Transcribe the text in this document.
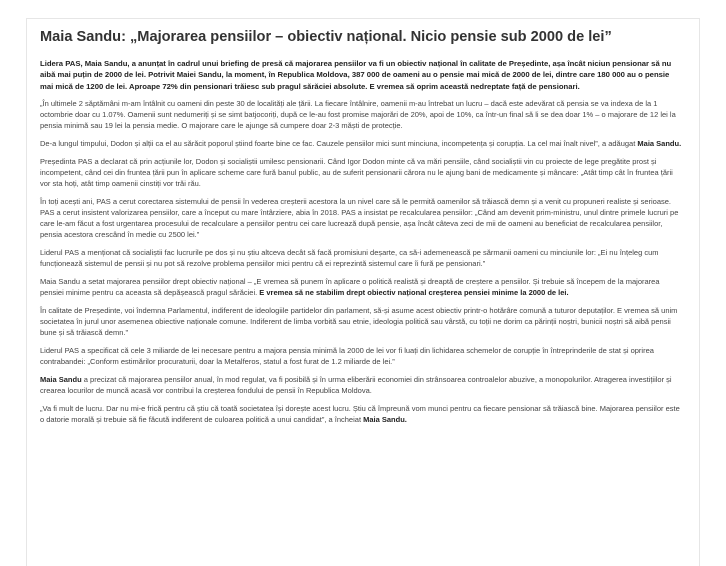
Maia Sandu: „Majorarea pensiilor – obiectiv național. Nicio pensie sub 2000 de lei”
Lidera PAS, Maia Sandu, a anunțat în cadrul unui briefing de presă că majorarea pensiilor va fi un obiectiv național în calitate de Președinte, așa încât niciun pensionar să nu aibă mai puțin de 2000 de lei. Potrivit Maiei Sandu, la moment, în Republica Moldova, 387 000 de oameni au o pensie mai mică de 2000 de lei, dintre care 180 000 au o pensie mai mică de 1200 de lei. Aproape 72% din pensionari trăiesc sub pragul sărăciei absolute. E vremea să oprim această nedreptate față de pensionari.
„În ultimele 2 săptămâni m-am întâlnit cu oameni din peste 30 de localități ale țării. La fiecare întâlnire, oamenii m-au întrebat un lucru – dacă este adevărat că pensia se va indexa de la 1 octombrie doar cu 1.07%. Oamenii sunt nedumeriți și se simt batjocoriți, după ce le-au fost promise majorări de 20%, apoi de 10%, ca într-un final să li se dea doar 1% – o majorare de 12 lei la pensia minimă sau 19 lei la pensia medie. O majorare care le ajunge să cumpere doar 2-3 măști de protecție.
De-a lungul timpului, Dodon și alții ca el au sărăcit poporul știind foarte bine ce fac. Cauzele pensiilor mici sunt minciuna, incompetența și corupția. La cel mai înalt nivel”, a adăugat Maia Sandu.
Președinta PAS a declarat că prin acțiunile lor, Dodon și socialiștii umilesc pensionarii. Când Igor Dodon minte că va mări pensiile, când socialiștii vin cu proiecte de lege pregătite prost și incompetent, când cei din fruntea țării pun în aplicare scheme care fură banul public, au de suferit pensionarii cărora nu le ajung bani de medicamente și mâncare: „Atât timp cât în fruntea țării vor sta hoți, atât timp oamenii cinstiți vor trăi rău.
În toți acești ani, PAS a cerut corectarea sistemului de pensii în vederea creșterii acestora la un nivel care să le permită oamenilor să trăiască demn și a venit cu propuneri realiste și serioase. PAS a cerut insistent valorizarea pensiilor, care a început cu mare întârziere, abia în 2018. PAS a insistat pe recalcularea pensiilor: „Când am devenit prim-ministru, unul dintre primele lucruri pe care le-am făcut a fost urgentarea procesului de recalculare a pensiilor pentru cei care lucrează după pensie, așa încât câteva zeci de mii de oameni au beneficiat de recalcularea pensiilor, pensia acestora crescând în medie cu 2500 lei.”
Liderul PAS a menționat că socialiștii fac lucrurile pe dos și nu știu altceva decât să facă promisiuni deșarte, ca să-i ademenească pe sărmanii oameni cu minciunile lor: „Ei nu înțeleg cum funcționează sistemul de pensii și nu pot să rezolve problema pensiilor mici pentru că ei reprezintă sistemul care îi fură pe pensionari.”
Maia Sandu a setat majorarea pensiilor drept obiectiv național – „E vremea să punem în aplicare o politică realistă și dreaptă de creștere a pensiilor. Și trebuie să începem de la majorarea pensiei minime pentru ca aceasta să depășească pragul sărăciei. E vremea să ne stabilim drept obiectiv național creșterea pensiei minime la 2000 de lei.
În calitate de Președinte, voi îndemna Parlamentul, indiferent de ideologiile partidelor din parlament, să-și asume acest obiectiv printr-o hotărâre comună a tuturor deputaților. E vremea să unim societatea în jurul unor asemenea obiective naționale comune. Indiferent de limba vorbită sau etnie, ideologia politică sau vârstă, cu toții ne dorim ca părinții noștri, bunicii noștri să aibă pensii bune și să trăiască demn.”
Liderul PAS a specificat că cele 3 miliarde de lei necesare pentru a majora pensia minimă la 2000 de lei vor fi luați din lichidarea schemelor de corupție în întreprinderile de stat și oprirea contrabandei: „Conform estimărilor procuraturii, doar la Metalferos, statul a fost furat de 1.2 miliarde de lei.”
Maia Sandu a precizat că majorarea pensiilor anual, în mod regulat, va fi posibilă și în urma eliberării economiei din strânsoarea controalelor abuzive, a monopolurilor. Atragerea investițiilor și crearea locurilor de muncă acasă vor contribui la creșterea fondului de pensii în Republica Moldova.
„Va fi mult de lucru. Dar nu mi-e frică pentru că știu că toată societatea își dorește acest lucru. Știu că împreună vom munci pentru ca fiecare pensionar să trăiască bine. Majorarea pensiilor este o datorie morală și trebuie să fie făcută indiferent de culoarea politică a unui candidat”, a încheiat Maia Sandu.
